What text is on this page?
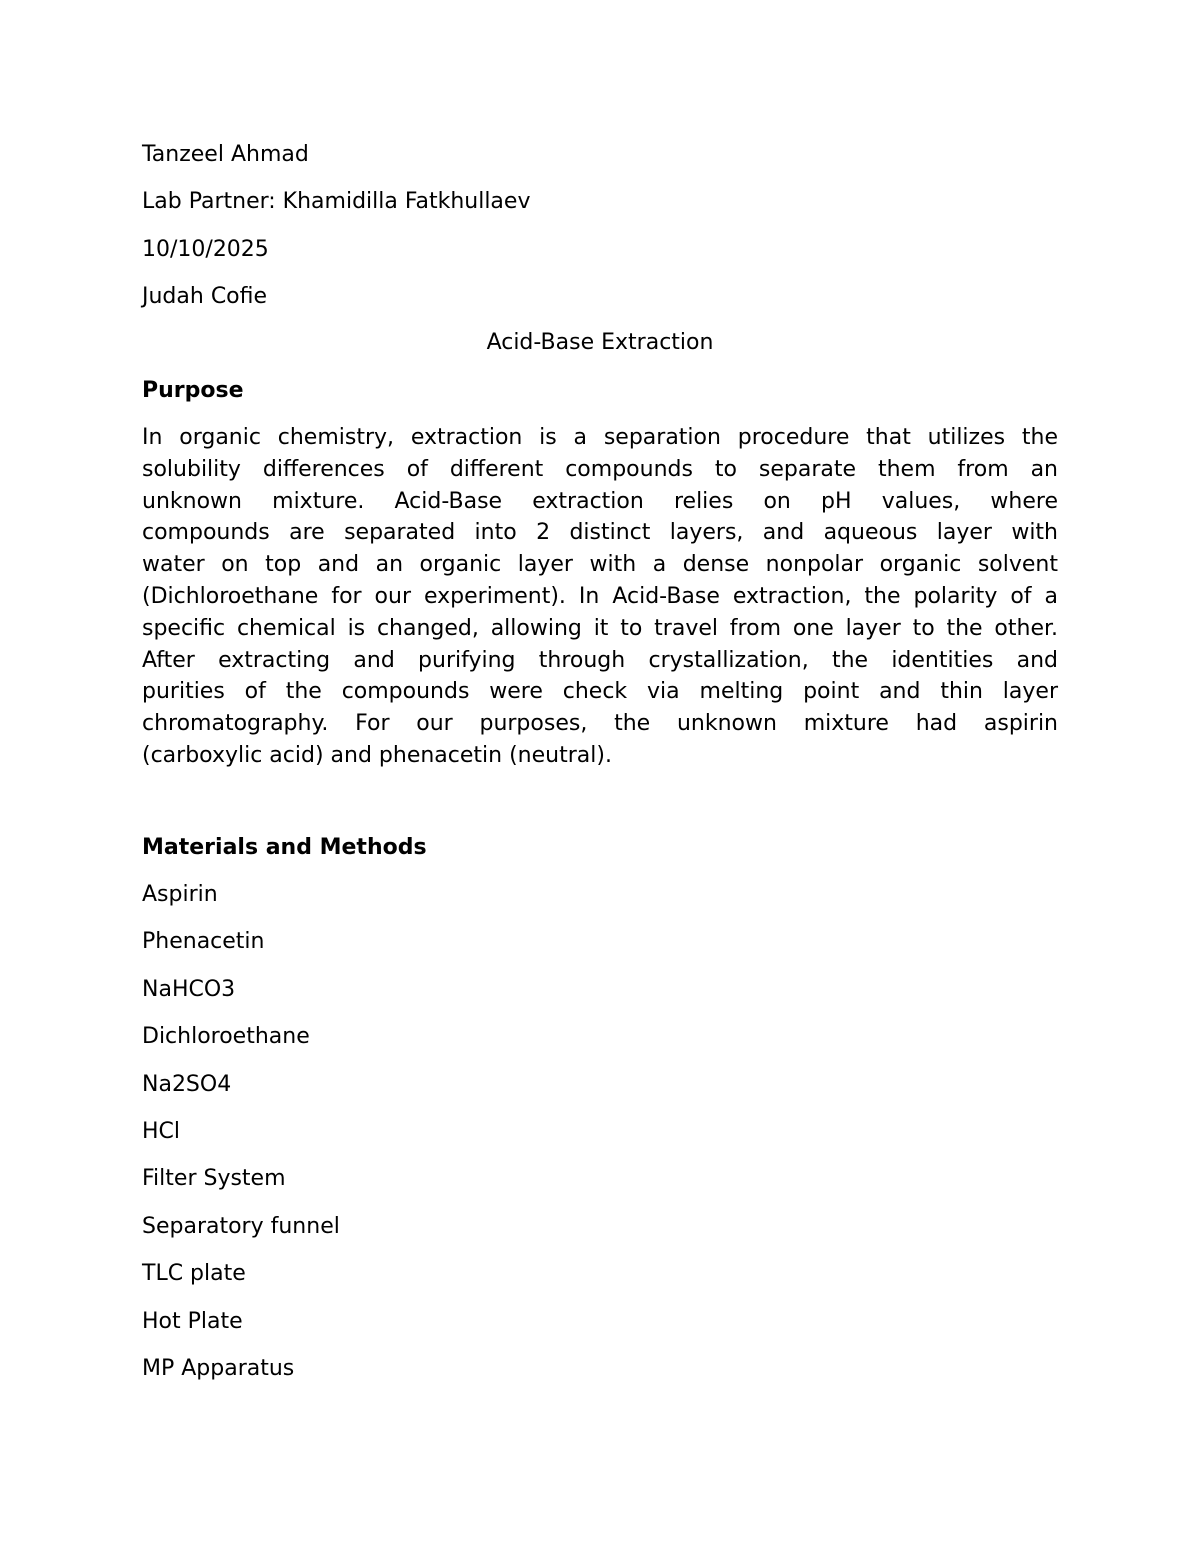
Tanzeel Ahmad
Lab Partner: Khamidilla Fatkhullaev
10/10/2025
Judah Cofie
Acid-Base Extraction
Purpose
In organic chemistry, extraction is a separation procedure that utilizes the
solubility differences of different compounds to separate them from an
unknown mixture. Acid-Base extraction relies on pH values, where
compounds are separated into 2 distinct layers, and aqueous layer with
water on top and an organic layer with a dense nonpolar organic solvent
(Dichloroethane for our experiment). In Acid-Base extraction, the polarity of a
specific chemical is changed, allowing it to travel from one layer to the other.
After extracting and purifying through crystallization, the identities and
purities of the compounds were check via melting point and thin layer
chromatography. For our purposes, the unknown mixture had aspirin
(carboxylic acid) and phenacetin (neutral).
Materials and Methods
Aspirin
Phenacetin
NaHCO3
Dichloroethane
Na2SO4
HCl
Filter System
Separatory funnel
TLC plate
Hot Plate
MP Apparatus
